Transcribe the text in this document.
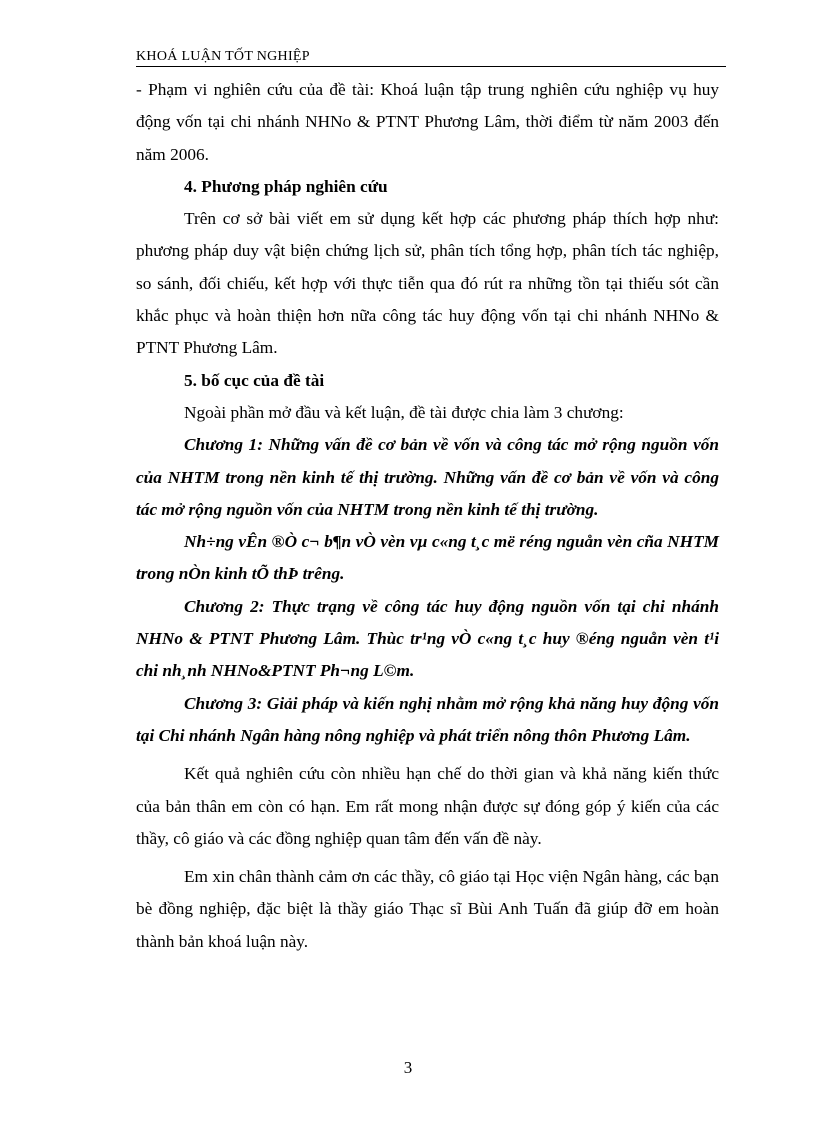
KHOÁ LUẬN TỐT NGHIỆP

- Phạm vi nghiên cứu của đề tài: Khoá luận tập trung nghiên cứu nghiệp vụ huy động vốn tại chi nhánh NHNo & PTNT Phương Lâm, thời điểm từ năm 2003 đến năm 2006.

4. Phương pháp nghiên cứu

Trên cơ sở bài viết em sử dụng kết hợp các phương pháp thích hợp như: phương pháp duy vật biện chứng lịch sử, phân tích tổng hợp, phân tích tác nghiệp, so sánh, đối chiếu, kết hợp với thực tiễn qua đó rút ra những tồn tại thiếu sót cần khắc phục và hoàn thiện hơn nữa công tác huy động vốn tại chi nhánh NHNo & PTNT Phương Lâm.

5. bố cục của đề tài

Ngoài phần mở đầu và kết luận, đề tài được chia làm 3 chương:

Chương 1: Những vấn đề cơ bản về vốn và công tác mở rộng nguồn vốn của NHTM trong nền kinh tế thị trường. Những vấn đề cơ bản về vốn và công tác mở rộng nguồn vốn của NHTM trong nền kinh tế thị trường.

Nh÷ng vÊn ®Ò c¬ b¶n vÒ vèn vµ c«ng t¸c më réng nguån vèn cña NHTM trong nÒn kinh tÕ thÞ trêng.

Chương 2: Thực trạng về công tác huy động nguồn vốn tại chi nhánh NHNo & PTNT Phương Lâm. Thùc tr¹ng vÒ c«ng t¸c huy ®éng nguån vèn t¹i chi nh¸nh NHNo&PTNT Ph¬ng L©m.

Chương 3: Giải pháp và kiến nghị nhằm mở rộng khả năng huy động vốn tại Chi nhánh Ngân hàng nông nghiệp và phát triển nông thôn Phương Lâm.

Kết quả nghiên cứu còn nhiều hạn chế do thời gian và khả năng kiến thức của bản thân em còn có hạn. Em rất mong nhận được sự đóng góp ý kiến của các thầy, cô giáo và các đồng nghiệp quan tâm đến vấn đề này.

Em xin chân thành cảm ơn các thầy, cô giáo tại Học viện Ngân hàng, các bạn bè đồng nghiệp, đặc biệt là thầy giáo Thạc sĩ Bùi Anh Tuấn đã giúp đỡ em hoàn thành bản khoá luận này.

3
